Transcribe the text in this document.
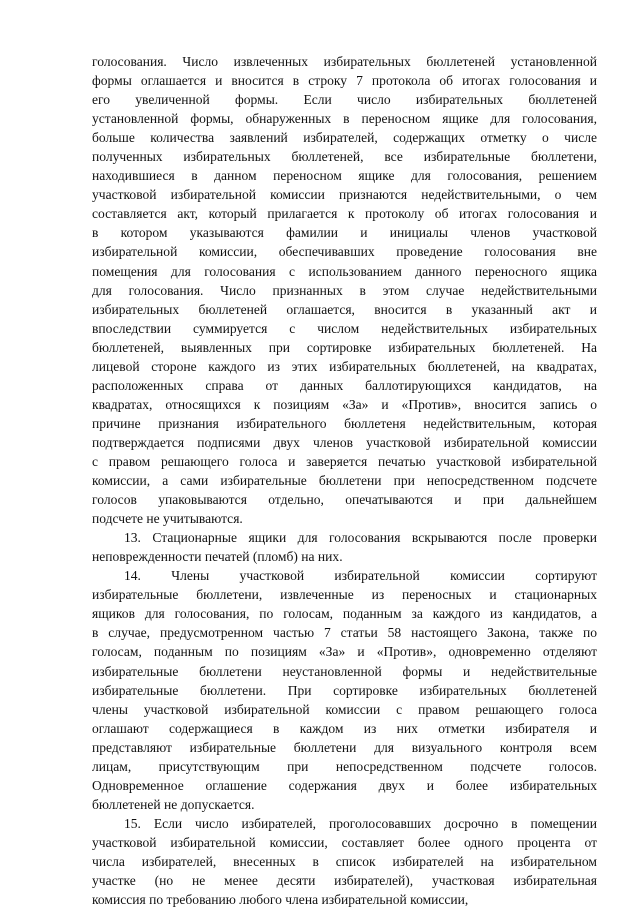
голосования. Число извлеченных избирательных бюллетеней установленной
формы оглашается и вносится в строку 7 протокола об итогах голосования и
его увеличенной формы. Если число избирательных бюллетеней
установленной формы, обнаруженных в переносном ящике для голосования,
больше количества заявлений избирателей, содержащих отметку о числе
полученных избирательных бюллетеней, все избирательные бюллетени,
находившиеся в данном переносном ящике для голосования, решением
участковой избирательной комиссии признаются недействительными, о чем
составляется акт, который прилагается к протоколу об итогах голосования и
в котором указываются фамилии и инициалы членов участковой
избирательной комиссии, обеспечивавших проведение голосования вне
помещения для голосования с использованием данного переносного ящика
для голосования. Число признанных в этом случае недействительными
избирательных бюллетеней оглашается, вносится в указанный акт и
впоследствии суммируется с числом недействительных избирательных
бюллетеней, выявленных при сортировке избирательных бюллетеней. На
лицевой стороне каждого из этих избирательных бюллетеней, на квадратах,
расположенных справа от данных баллотирующихся кандидатов, на
квадратах, относящихся к позициям «За» и «Против», вносится запись о
причине признания избирательного бюллетеня недействительным, которая
подтверждается подписями двух членов участковой избирательной комиссии
с правом решающего голоса и заверяется печатью участковой избирательной
комиссии, а сами избирательные бюллетени при непосредственном подсчете
голосов упаковываются отдельно, опечатываются и при дальнейшем
подсчете не учитываются.
13. Стационарные ящики для голосования вскрываются после проверки
неповрежденности печатей (пломб) на них.
14. Члены участковой избирательной комиссии сортируют
избирательные бюллетени, извлеченные из переносных и стационарных
ящиков для голосования, по голосам, поданным за каждого из кандидатов, а
в случае, предусмотренном частью 7 статьи 58 настоящего Закона, также по
голосам, поданным по позициям «За» и «Против», одновременно отделяют
избирательные бюллетени неустановленной формы и недействительные
избирательные бюллетени. При сортировке избирательных бюллетеней
члены участковой избирательной комиссии с правом решающего голоса
оглашают содержащиеся в каждом из них отметки избирателя и
представляют избирательные бюллетени для визуального контроля всем
лицам, присутствующим при непосредственном подсчете голосов.
Одновременное оглашение содержания двух и более избирательных
бюллетеней не допускается.
15. Если число избирателей, проголосовавших досрочно в помещении
участковой избирательной комиссии, составляет более одного процента от
числа избирателей, внесенных в список избирателей на избирательном
участке (но не менее десяти избирателей), участковая избирательная
комиссия по требованию любого члена избирательной комиссии,
